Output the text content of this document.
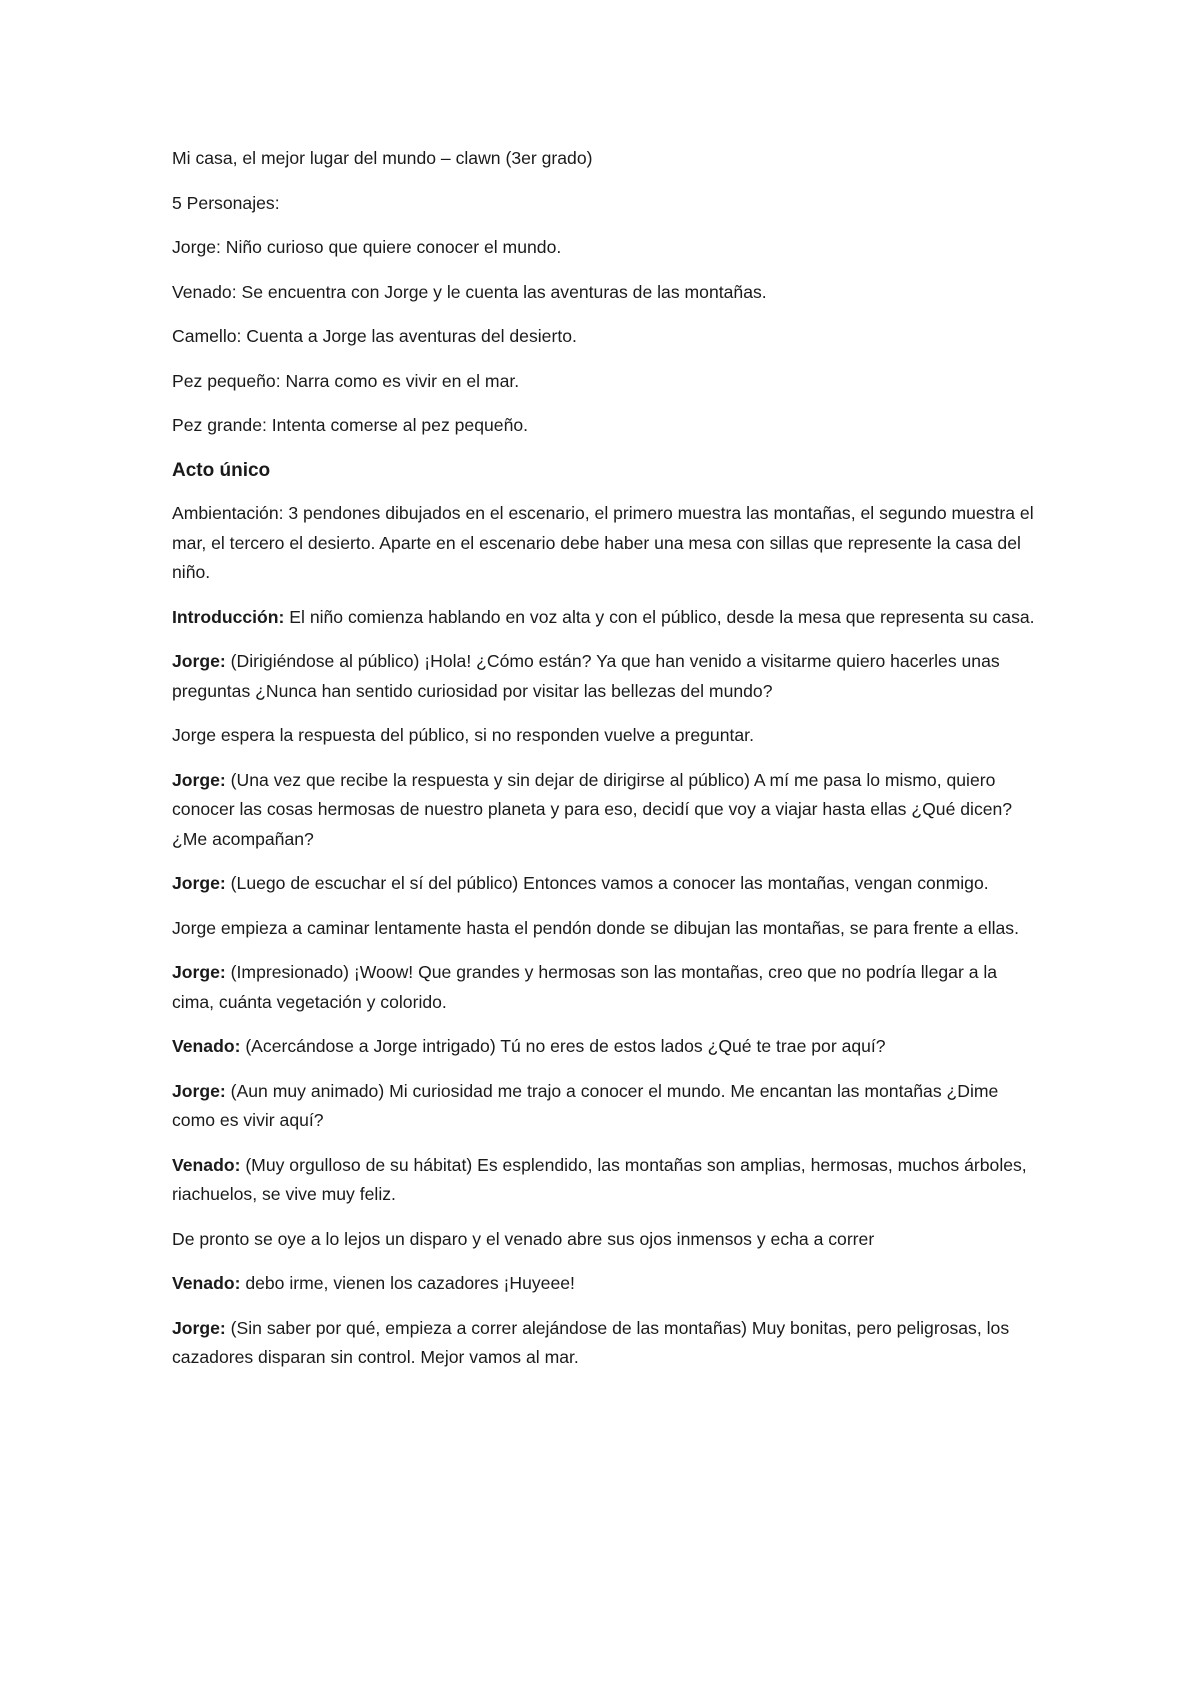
Mi casa, el mejor lugar del mundo – clawn (3er grado)

5 Personajes:

Jorge: Niño curioso que quiere conocer el mundo.

Venado: Se encuentra con Jorge y le cuenta las aventuras de las montañas.

Camello: Cuenta a Jorge las aventuras del desierto.

Pez pequeño: Narra como es vivir en el mar.

Pez grande: Intenta comerse al pez pequeño.

Acto único

Ambientación: 3 pendones dibujados en el escenario, el primero muestra las montañas, el segundo muestra el mar, el tercero el desierto. Aparte en el escenario debe haber una mesa con sillas que represente la casa del niño.

Introducción: El niño comienza hablando en voz alta y con el público, desde la mesa que representa su casa.

Jorge: (Dirigiéndose al público) ¡Hola! ¿Cómo están? Ya que han venido a visitarme quiero hacerles unas preguntas ¿Nunca han sentido curiosidad por visitar las bellezas del mundo?

Jorge espera la respuesta del público, si no responden vuelve a preguntar.

Jorge: (Una vez que recibe la respuesta y sin dejar de dirigirse al público) A mí me pasa lo mismo, quiero conocer las cosas hermosas de nuestro planeta y para eso, decidí que voy a viajar hasta ellas ¿Qué dicen? ¿Me acompañan?

Jorge: (Luego de escuchar el sí del público) Entonces vamos a conocer las montañas, vengan conmigo.

Jorge empieza a caminar lentamente hasta el pendón donde se dibujan las montañas, se para frente a ellas.

Jorge: (Impresionado) ¡Woow! Que grandes y hermosas son las montañas, creo que no podría llegar a la cima, cuánta vegetación y colorido.

Venado: (Acercándose a Jorge intrigado) Tú no eres de estos lados ¿Qué te trae por aquí?

Jorge: (Aun muy animado) Mi curiosidad me trajo a conocer el mundo. Me encantan las montañas ¿Dime como es vivir aquí?

Venado: (Muy orgulloso de su hábitat) Es esplendido, las montañas son amplias, hermosas, muchos árboles, riachuelos, se vive muy feliz.

De pronto se oye a lo lejos un disparo y el venado abre sus ojos inmensos y echa a correr

Venado: debo irme, vienen los cazadores ¡Huyeee!

Jorge: (Sin saber por qué, empieza a correr alejándose de las montañas) Muy bonitas, pero peligrosas, los cazadores disparan sin control. Mejor vamos al mar.
